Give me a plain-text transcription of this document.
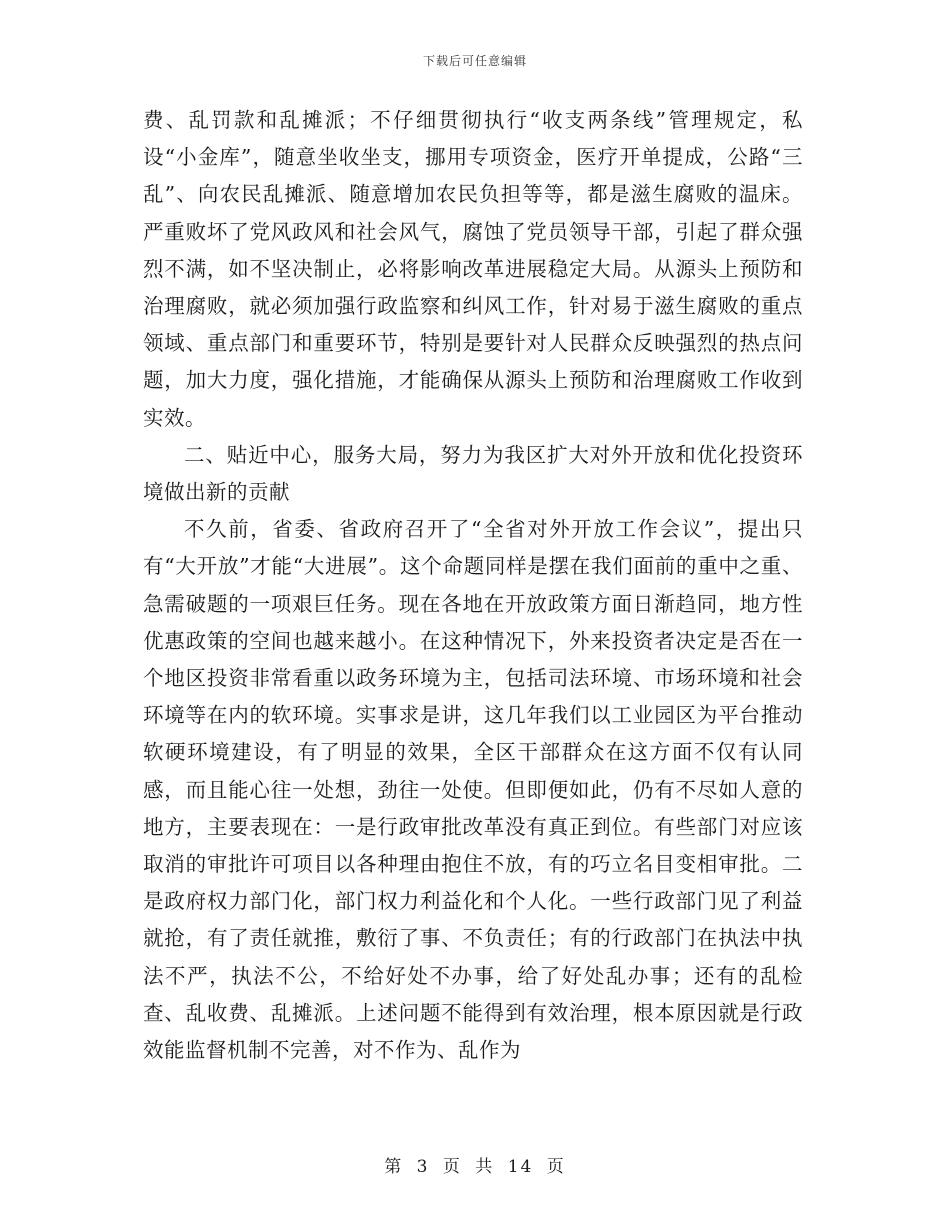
下载后可任意编辑

费、乱罚款和乱摊派；不仔细贯彻执行“收支两条线”管理规定，私设“小金库”，随意坐收坐支，挪用专项资金，医疗开单提成，公路“三乱”、向农民乱摊派、随意增加农民负担等等，都是滋生腐败的温床。严重败坏了党风政风和社会风气，腐蚀了党员领导干部，引起了群众强烈不满，如不坚决制止，必将影响改革进展稳定大局。从源头上预防和治理腐败，就必须加强行政监察和纠风工作，针对易于滋生腐败的重点领域、重点部门和重要环节，特别是要针对人民群众反映强烈的热点问题，加大力度，强化措施，才能确保从源头上预防和治理腐败工作收到实效。

二、贴近中心，服务大局，努力为我区扩大对外开放和优化投资环境做出新的贡献

不久前，省委、省政府召开了“全省对外开放工作会议”，提出只有“大开放”才能“大进展”。这个命题同样是摆在我们面前的重中之重、急需破题的一项艰巨任务。现在各地在开放政策方面日渐趋同，地方性优惠政策的空间也越来越小。在这种情况下，外来投资者决定是否在一个地区投资非常看重以政务环境为主，包括司法环境、市场环境和社会环境等在内的软环境。实事求是讲，这几年我们以工业园区为平台推动软硬环境建设，有了明显的效果，全区干部群众在这方面不仅有认同感，而且能心往一处想，劲往一处使。但即便如此，仍有不尽如人意的地方，主要表现在：一是行政审批改革没有真正到位。有些部门对应该取消的审批许可项目以各种理由抱住不放，有的巧立名目变相审批。二是政府权力部门化，部门权力利益化和个人化。一些行政部门见了利益就抢，有了责任就推，敷衍了事、不负责任；有的行政部门在执法中执法不严，执法不公，不给好处不办事，给了好处乱办事；还有的乱检查、乱收费、乱摊派。上述问题不能得到有效治理，根本原因就是行政效能监督机制不完善，对不作为、乱作为

第 3 页 共 14 页
